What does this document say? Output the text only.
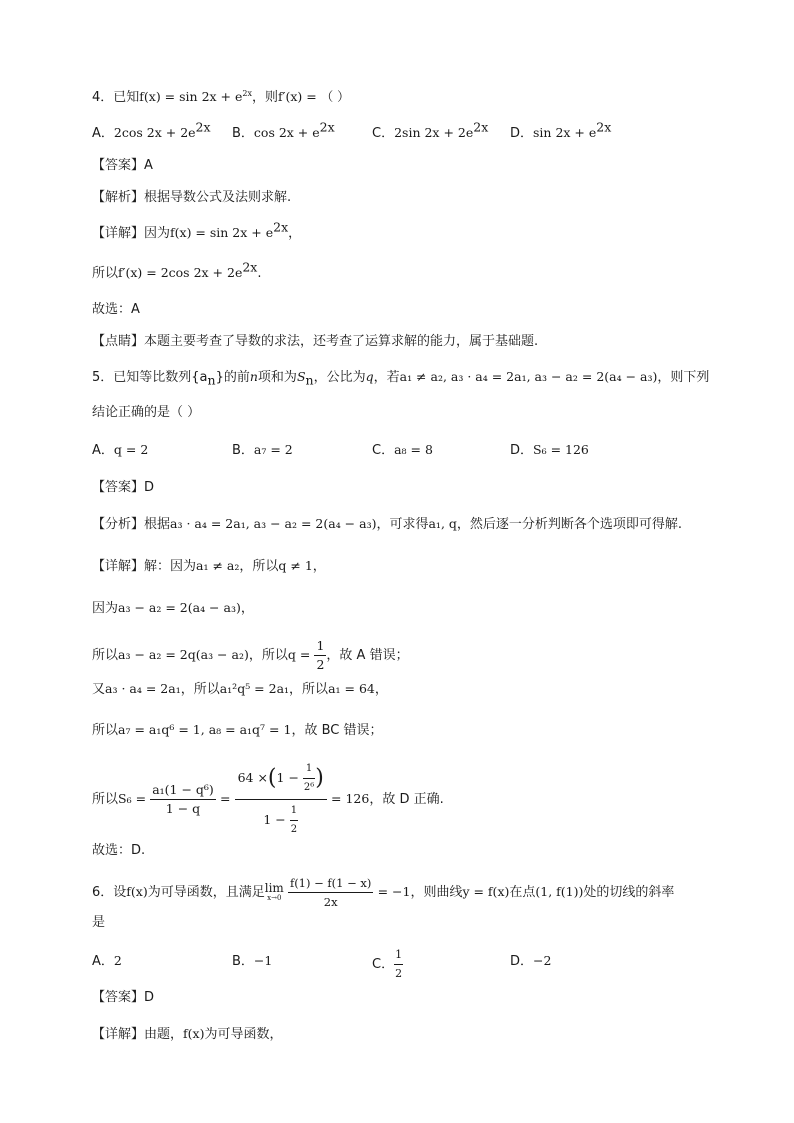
4．已知$f(x) = \sin 2x + e^{2x}$，则f′(x) = （ ）
A．2cos $2x + 2e^{2x}$ B．$\cos 2x + e^{2x}$	C．2sin $2x + 2e^{2x}$ D．$\sin 2x + e^{2x}$
【答案】A
【解析】根据导数公式及法则求解.
【详解】因为$f(x) = \sin 2x + e^{2x}$，
所以f′(x) = 2cos $2x + 2e^{2x}$.
故选：A
【点睛】本题主要考查了导数的求法，还考查了运算求解的能力，属于基础题.
5．已知等比数列$\{a_n\}$的前n项和为$S_n$，公比为q，若a₁ ≠ a₂, a₃ · a₄ = 2a₁, a₃ − a₂ = 2(a₄ − a₃)，则下列
结论正确的是（ ）
A．q = 2	B．a₇ = 2	C．a₈ = 8	D．S₆ = 126
【答案】D
【分析】根据a₃ · a₄ = 2a₁, a₃ − a₂ = 2(a₄ − a₃)，可求得a₁, q，然后逐一分析判断各个选项即可得解.
【详解】解：因为a₁ ≠ a₂，所以q ≠ 1，
因为a₃ − a₂ = 2(a₄ − a₃)，
所以a₃ − a₂ = 2q(a₃ − a₂)，所以$q = \frac{1}{2}$ ，故 A 错误；
又a₃ · a₄ = 2a₁，所以a₁²q⁵ = 2a₁，所以a₁ = 64，
所以a₇ = a₁q⁶ = 1, a₈ = a₁q⁷ = 1，故 BC 错误；
所以$S_6 = \frac{\text{a₁(1 − q⁶)}}{1 - q} = \frac{64 \times(1 - \frac{1}{\text{2⁶}} )}{1 - \frac{1}{2}} = 126$，故 D 正确.
故选：D.
6．设f(x)为可导函数，且满足 lim
x→0
$\frac{f(1) - f(1 - x)}{2x} = -1$，则曲线y = f(x)在点(1, f(1))处的切线的斜率
是
A．2	B．−1	C． $\frac{1}{2}$	D．−2
【答案】D
【详解】由题，f(x)为可导函数，
